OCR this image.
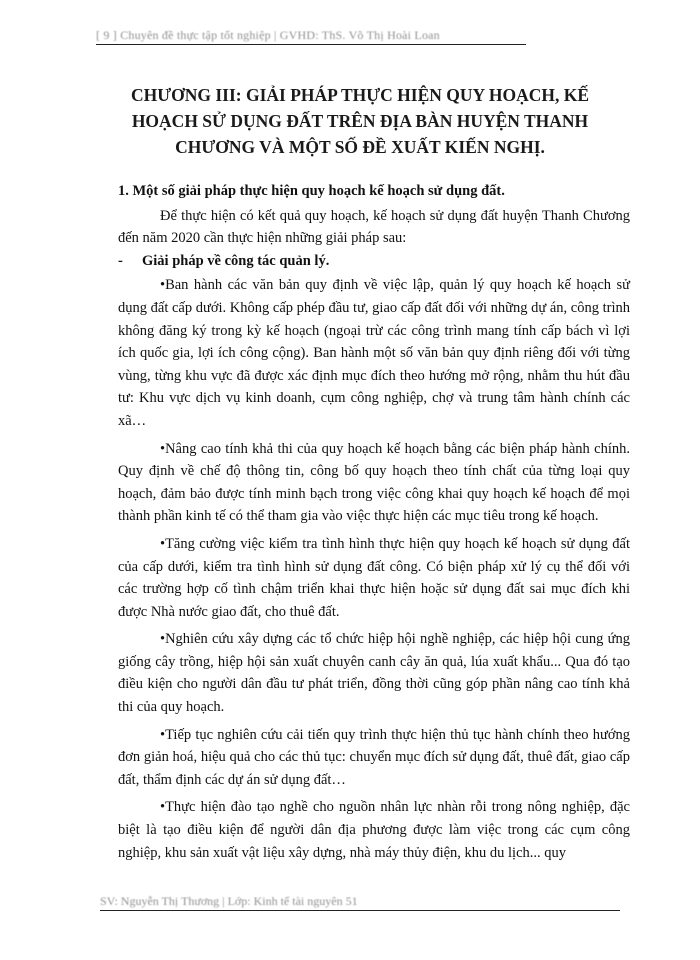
[ 9 ] Chuyên đề thực tập tốt nghiệp | GVHD: ThS. Võ Thị Hoài Loan
CHƯƠNG III: GIẢI PHÁP THỰC HIỆN QUY HOẠCH, KẾ
HOẠCH SỬ DỤNG ĐẤT TRÊN ĐỊA BÀN HUYỆN THANH
CHƯƠNG VÀ MỘT SỐ ĐỀ XUẤT KIẾN NGHỊ.
1. Một số giải pháp thực hiện quy hoạch kế hoạch sử dụng đất.

Để thực hiện có kết quả quy hoạch, kế hoạch sử dụng đất huyện Thanh Chương đến năm 2020 cần thực hiện những giải pháp sau:

- Giải pháp về công tác quản lý.

• Ban hành các văn bản quy định về việc lập, quản lý quy hoạch kế hoạch sử dụng đất cấp dưới. Không cấp phép đầu tư, giao cấp đất đối với những dự án, công trình không đăng ký trong kỳ kế hoạch (ngoại trừ các công trình mang tính cấp bách vì lợi ích quốc gia, lợi ích công cộng). Ban hành một số văn bản quy định riêng đối với từng vùng, từng khu vực đã được xác định mục đích theo hướng mở rộng, nhằm thu hút đầu tư: Khu vực dịch vụ kinh doanh, cụm công nghiệp, chợ và trung tâm hành chính các xã…

• Nâng cao tính khả thi của quy hoạch kế hoạch bằng các biện pháp hành chính. Quy định về chế độ thông tin, công bố quy hoạch theo tính chất của từng loại quy hoạch, đảm bảo được tính minh bạch trong việc công khai quy hoạch kế hoạch để mọi thành phần kinh tế có thể tham gia vào việc thực hiện các mục tiêu trong kế hoạch.

• Tăng cường việc kiểm tra tình hình thực hiện quy hoạch kế hoạch sử dụng đất của cấp dưới, kiểm tra tình hình sử dụng đất công. Có biện pháp xử lý cụ thể đối với các trường hợp cố tình chậm triển khai thực hiện hoặc sử dụng đất sai mục đích khi được Nhà nước giao đất, cho thuê đất.

• Nghiên cứu xây dựng các tổ chức hiệp hội nghề nghiệp, các hiệp hội cung ứng giống cây trồng, hiệp hội sản xuất chuyên canh cây ăn quả, lúa xuất khẩu... Qua đó tạo điều kiện cho người dân đầu tư phát triển, đồng thời cũng góp phần nâng cao tính khả thi của quy hoạch.

• Tiếp tục nghiên cứu cải tiến quy trình thực hiện thủ tục hành chính theo hướng đơn giản hoá, hiệu quả cho các thủ tục: chuyển mục đích sử dụng đất, thuê đất, giao cấp đất, thẩm định các dự án sử dụng đất…

• Thực hiện đào tạo nghề cho nguồn nhân lực nhàn rỗi trong nông nghiệp, đặc biệt là tạo điều kiện để người dân địa phương được làm việc trong các cụm công nghiệp, khu sản xuất vật liệu xây dựng, nhà máy thủy điện, khu du lịch... quy

SV: Nguyễn Thị Thương | Lớp: Kinh tế tài nguyên 51
